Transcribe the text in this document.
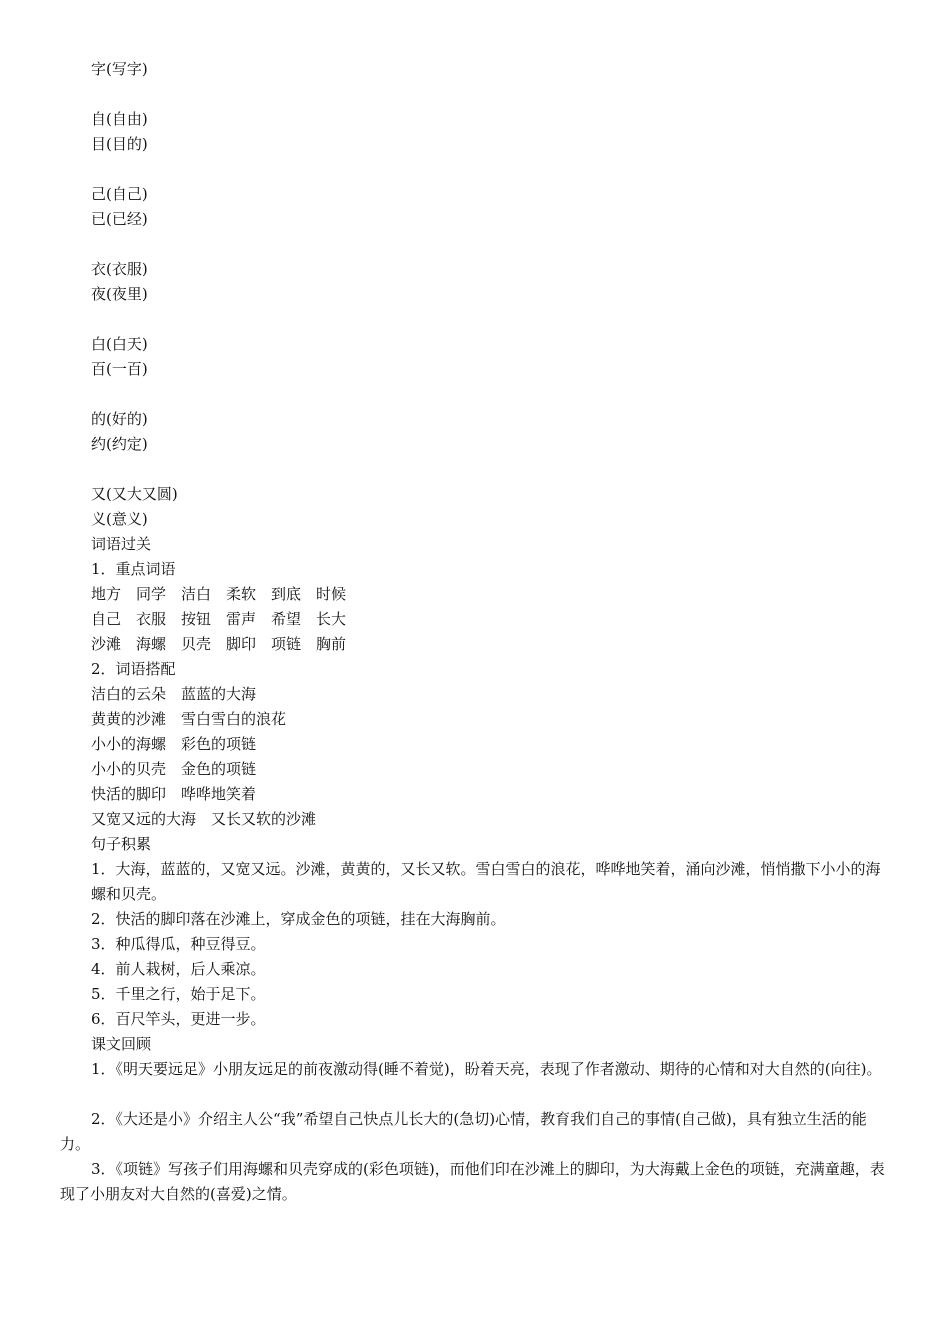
字(写字)
自(自由)
目(目的)
己(自己)
已(已经)
衣(衣服)
夜(夜里)
白(白天)
百(一百)
的(好的)
约(约定)
又(又大又圆)
义(意义)
词语过关
1．重点词语
地方　同学　洁白　柔软　到底　时候
自己　衣服　按钮　雷声　希望　长大
沙滩　海螺　贝壳　脚印　项链　胸前
2．词语搭配
洁白的云朵　蓝蓝的大海
黄黄的沙滩　雪白雪白的浪花
小小的海螺　彩色的项链
小小的贝壳　金色的项链
快活的脚印　哗哗地笑着
又宽又远的大海　又长又软的沙滩
句子积累
1．大海，蓝蓝的，又宽又远。沙滩，黄黄的，又长又软。雪白雪白的浪花，哗哗地笑着，涌向沙滩，悄悄撒下小小的海螺和贝壳。
2．快活的脚印落在沙滩上，穿成金色的项链，挂在大海胸前。
3．种瓜得瓜，种豆得豆。
4．前人栽树，后人乘凉。
5．千里之行，始于足下。
6．百尺竿头，更进一步。
课文回顾
1．《明天要远足》小朋友远足的前夜激动得(睡不着觉)，盼着天亮，表现了作者激动、期待的心情和对大自然的(向往)。
2．《大还是小》介绍主人公“我”希望自己快点儿长大的(急切)心情，教育我们自己的事情(自己做)，具有独立生活的能力。
3．《项链》写孩子们用海螺和贝壳穿成的(彩色项链)，而他们印在沙滩上的脚印，为大海戴上金色的项链，充满童趣，表现了小朋友对大自然的(喜爱)之情。
